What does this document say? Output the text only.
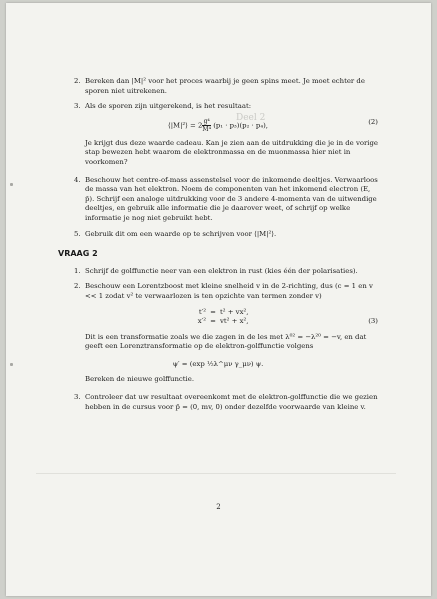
Deel 2
2. Bereken dan |M|² voor het proces waarbij je geen spins meet. Je moet echter de sporen niet uitrekenen.
3. Als de sporen zijn uitgerekend, is het resultaat:
⟨|M|²⟩ = $2 \frac{\text{g⁴}}{\text{M⁴}} (p_1 \cdot p_3)(p_2 \cdot p_4)$,	(2)
Je krijgt dus deze waarde cadeau. Kan je zien aan de uitdrukking die je in de vorige stap bewezen hebt waarom de elektronmassa en de muonmassa hier niet in voorkomen?
4. Beschouw het centre-of-mass assenstelsel voor de inkomende deeltjes. Verwaarloos de massa van het elektron. Noem de componenten van het inkomend electron (E, p̄). Schrijf een analoge uitdrukking voor de 3 andere 4-momenta van de uitwendige deeltjes, en gebruik alle informatie die je daarover weet, of schrijf op welke informatie je nog niet gebruikt hebt.
5. Gebruik dit om een waarde op te schrijven voor ⟨|M|²⟩.
VRAAG 2
1. Schrijf de golffunctie neer van een elektron in rust (kies één der polarisaties).
2. Beschouw een Lorentzboost met kleine snelheid v in de 2-richting, dus (c = 1 en v << 1 zodat v² te verwaarlozen is ten opzichte van termen zonder v)
t′² = t² + vx²,
x′² = vt² + x²,	(3)
Dit is een transformatie zoals we die zagen in de les met λ⁰² = −λ²⁰ = −v, en dat geeft een Lorenztransformatie op de elektron-golffunctie volgens
ψ′ = (exp ½λ^μν γ_μν) ψ.
Bereken de nieuwe golffunctie.
3. Controleer dat uw resultaat overeenkomt met de elektron-golffunctie die we gezien hebben in de cursus voor p̄ = (0, mv, 0) onder dezelfde voorwaarde van kleine v.
2
